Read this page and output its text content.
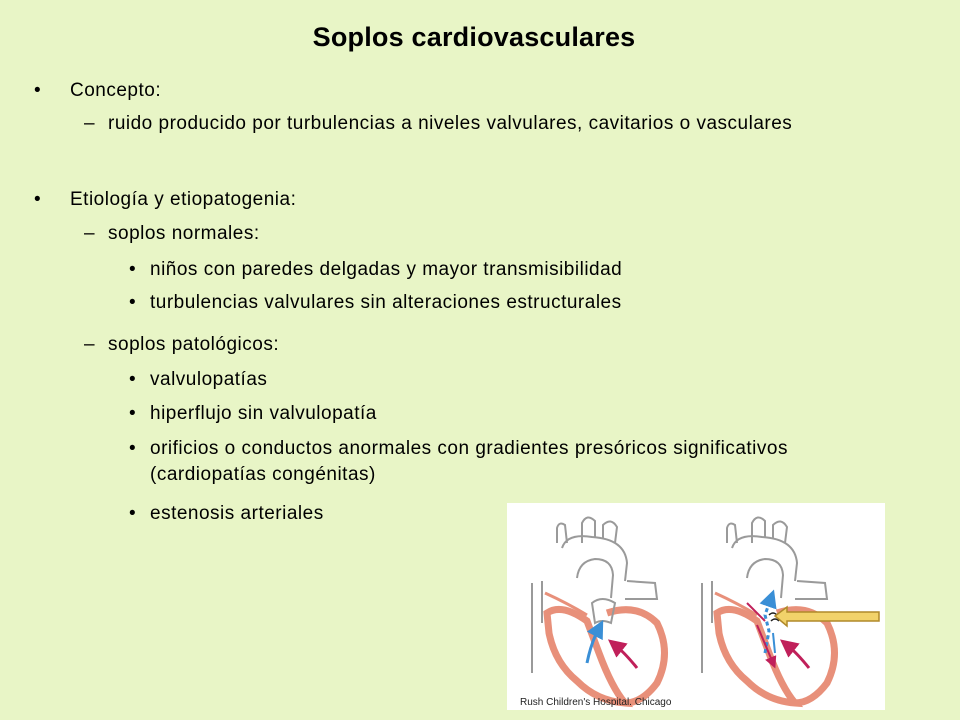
Soplos cardiovasculares
• Concepto:
– ruido producido por turbulencias a niveles valvulares, cavitarios o vasculares
• Etiología y etiopatogenia:
– soplos normales:
• niños con paredes delgadas y mayor transmisibilidad
• turbulencias valvulares sin alteraciones estructurales
– soplos patológicos:
• valvulopatías
• hiperflujo sin valvulopatía
• orificios o conductos anormales con gradientes presóricos significativos (cardiopatías congénitas)
• estenosis arteriales
Rush Children's Hospital. Chicago
